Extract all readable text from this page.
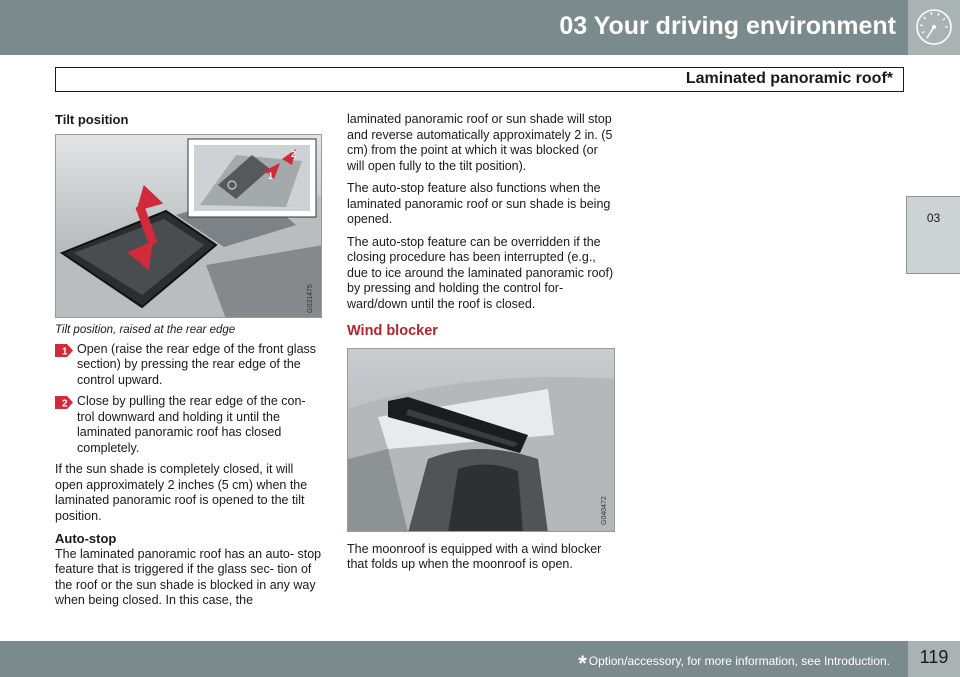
03 Your driving environment
Laminated panoramic roof*
03
Tilt position
2
1
G031475
Tilt position, raised at the rear edge
1 Open (raise the rear edge of the front glass section) by pressing the rear edge of the control upward.
2 Close by pulling the rear edge of the con- trol downward and holding it until the laminated panoramic roof has closed completely.

If the sun shade is completely closed, it will open approximately 2 inches (5 cm) when the laminated panoramic roof is opened to the tilt position.

Auto-stop
The laminated panoramic roof has an auto- stop feature that is triggered if the glass sec- tion of the roof or the sun shade is blocked in any way when being closed. In this case, the

laminated panoramic roof or sun shade will stop and reverse automatically approximately 2 in. (5 cm) from the point at which it was blocked (or will open fully to the tilt position).

The auto-stop feature also functions when the laminated panoramic roof or sun shade is being opened.

The auto-stop feature can be overridden if the closing procedure has been interrupted (e.g., due to ice around the laminated panoramic roof) by pressing and holding the control for- ward/down until the roof is closed.

Wind blocker
G040472

The moonroof is equipped with a wind blocker that folds up when the moonroof is open.

* Option/accessory, for more information, see Introduction.	119
